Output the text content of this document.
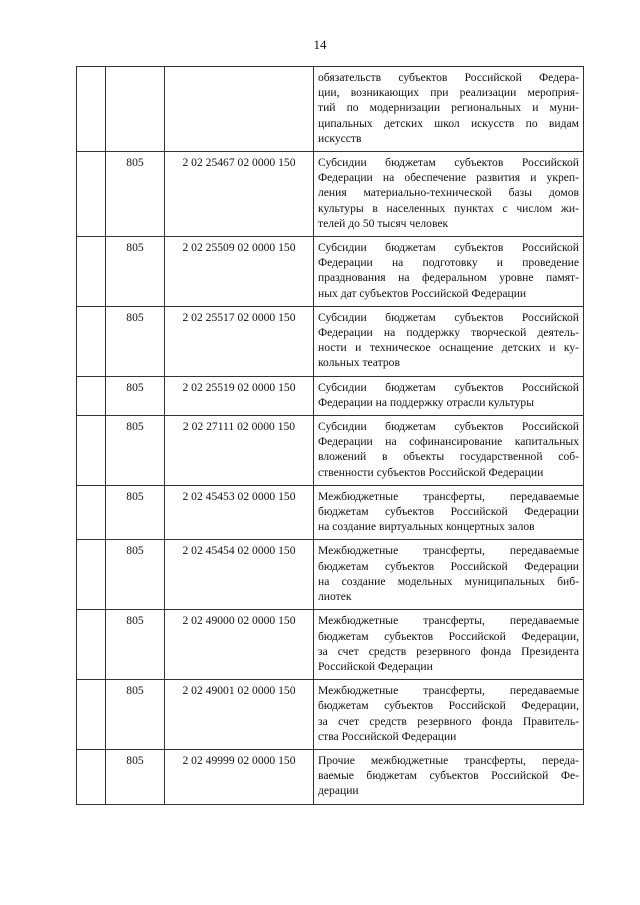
14

			обязательств субъектов Российской Федера-
ции, возникающих при реализации мероприя-
тий по модернизации региональных и муни-
ципальных детских школ искусств по видам
искусств

	805	2 02 25467 02 0000 150	Субсидии бюджетам субъектов Российской
Федерации на обеспечение развития и укреп-
ления материально-технической базы домов
культуры в населенных пунктах с числом жи-
телей до 50 тысяч человек

	805	2 02 25509 02 0000 150	Субсидии бюджетам субъектов Российской
Федерации на подготовку и проведение
празднования на федеральном уровне памят-
ных дат субъектов Российской Федерации

	805	2 02 25517 02 0000 150	Субсидии бюджетам субъектов Российской
Федерации на поддержку творческой деятель-
ности и техническое оснащение детских и ку-
кольных театров

	805	2 02 25519 02 0000 150	Субсидии бюджетам субъектов Российской
Федерации на поддержку отрасли культуры

	805	2 02 27111 02 0000 150	Субсидии бюджетам субъектов Российской
Федерации на софинансирование капитальных
вложений в объекты государственной соб-
ственности субъектов Российской Федерации

	805	2 02 45453 02 0000 150	Межбюджетные трансферты, передаваемые
бюджетам субъектов Российской Федерации
на создание виртуальных концертных залов

	805	2 02 45454 02 0000 150	Межбюджетные трансферты, передаваемые
бюджетам субъектов Российской Федерации
на создание модельных муниципальных биб-
лиотек

	805	2 02 49000 02 0000 150	Межбюджетные трансферты, передаваемые
бюджетам субъектов Российской Федерации,
за счет средств резервного фонда Президента
Российской Федерации

	805	2 02 49001 02 0000 150	Межбюджетные трансферты, передаваемые
бюджетам субъектов Российской Федерации,
за счет средств резервного фонда Правитель-
ства Российской Федерации

	805	2 02 49999 02 0000 150	Прочие межбюджетные трансферты, переда-
ваемые бюджетам субъектов Российской Фе-
дерации
